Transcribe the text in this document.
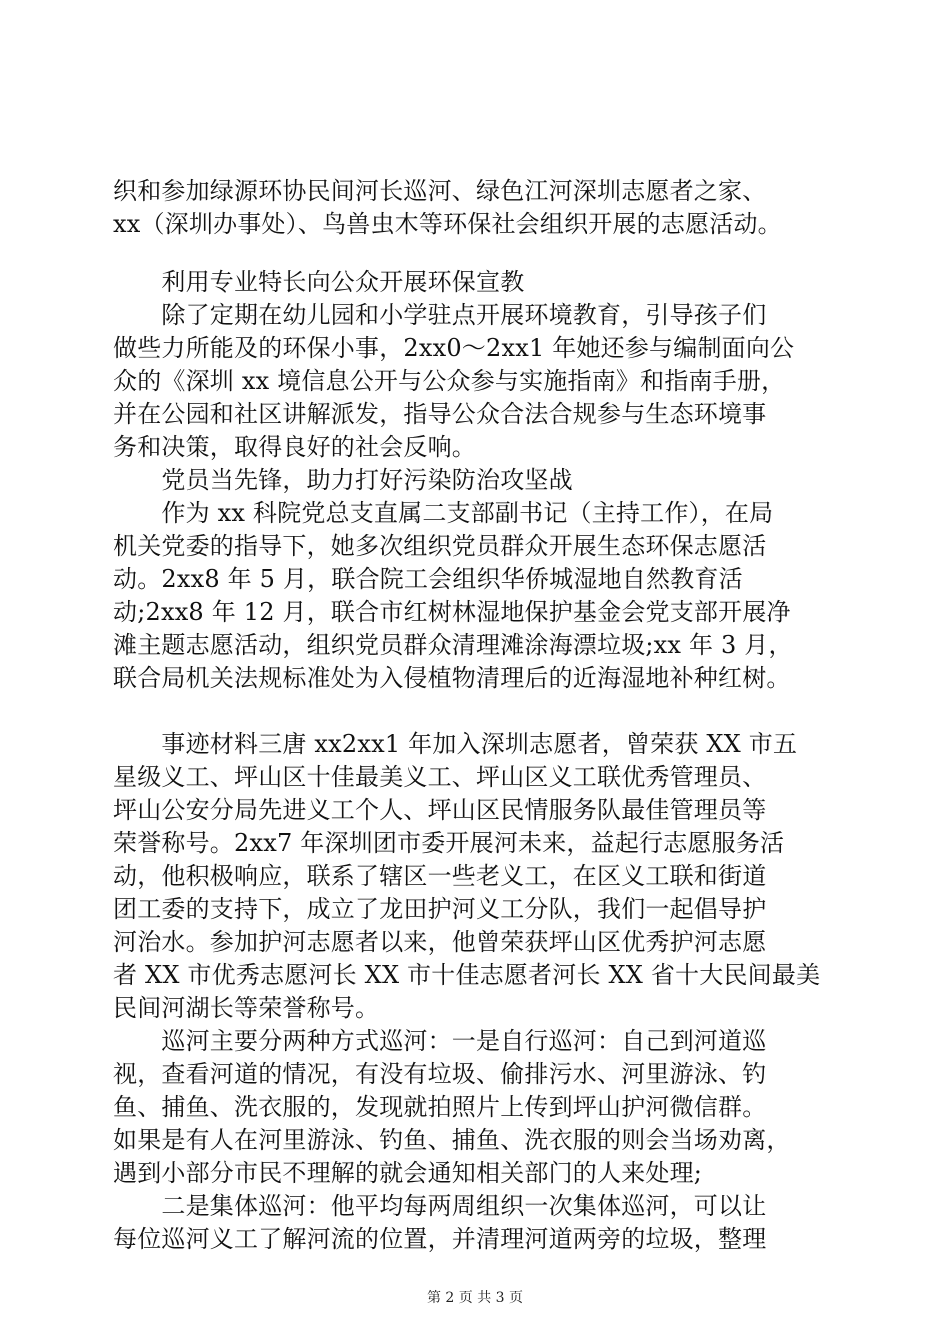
织和参加绿源环协民间河长巡河、绿色江河深圳志愿者之家、
xx（深圳办事处）、鸟兽虫木等环保社会组织开展的志愿活动。
　　利用专业特长向公众开展环保宣教
　　除了定期在幼儿园和小学驻点开展环境教育，引导孩子们
做些力所能及的环保小事，2xx0～2xx1 年她还参与编制面向公
众的《深圳 xx 境信息公开与公众参与实施指南》和指南手册，
并在公园和社区讲解派发，指导公众合法合规参与生态环境事
务和决策，取得良好的社会反响。
　　党员当先锋，助力打好污染防治攻坚战
　　作为 xx 科院党总支直属二支部副书记（主持工作），在局
机关党委的指导下，她多次组织党员群众开展生态环保志愿活
动。2xx8 年 5 月，联合院工会组织华侨城湿地自然教育活
动;2xx8 年 12 月，联合市红树林湿地保护基金会党支部开展净
滩主题志愿活动，组织党员群众清理滩涂海漂垃圾;xx 年 3 月，
联合局机关法规标准处为入侵植物清理后的近海湿地补种红树。
　　事迹材料三唐 xx2xx1 年加入深圳志愿者，曾荣获 XX 市五
星级义工、坪山区十佳最美义工、坪山区义工联优秀管理员、
坪山公安分局先进义工个人、坪山区民情服务队最佳管理员等
荣誉称号。2xx7 年深圳团市委开展河未来，益起行志愿服务活
动，他积极响应，联系了辖区一些老义工，在区义工联和街道
团工委的支持下，成立了龙田护河义工分队，我们一起倡导护
河治水。参加护河志愿者以来，他曾荣获坪山区优秀护河志愿
者 XX 市优秀志愿河长 XX 市十佳志愿者河长 XX 省十大民间最美
民间河湖长等荣誉称号。
　　巡河主要分两种方式巡河：一是自行巡河：自己到河道巡
视，查看河道的情况，有没有垃圾、偷排污水、河里游泳、钓
鱼、捕鱼、洗衣服的，发现就拍照片上传到坪山护河微信群。
如果是有人在河里游泳、钓鱼、捕鱼、洗衣服的则会当场劝离，
遇到小部分市民不理解的就会通知相关部门的人来处理;
　　二是集体巡河：他平均每两周组织一次集体巡河，可以让
每位巡河义工了解河流的位置，并清理河道两旁的垃圾，整理
第 2 页 共 3 页
